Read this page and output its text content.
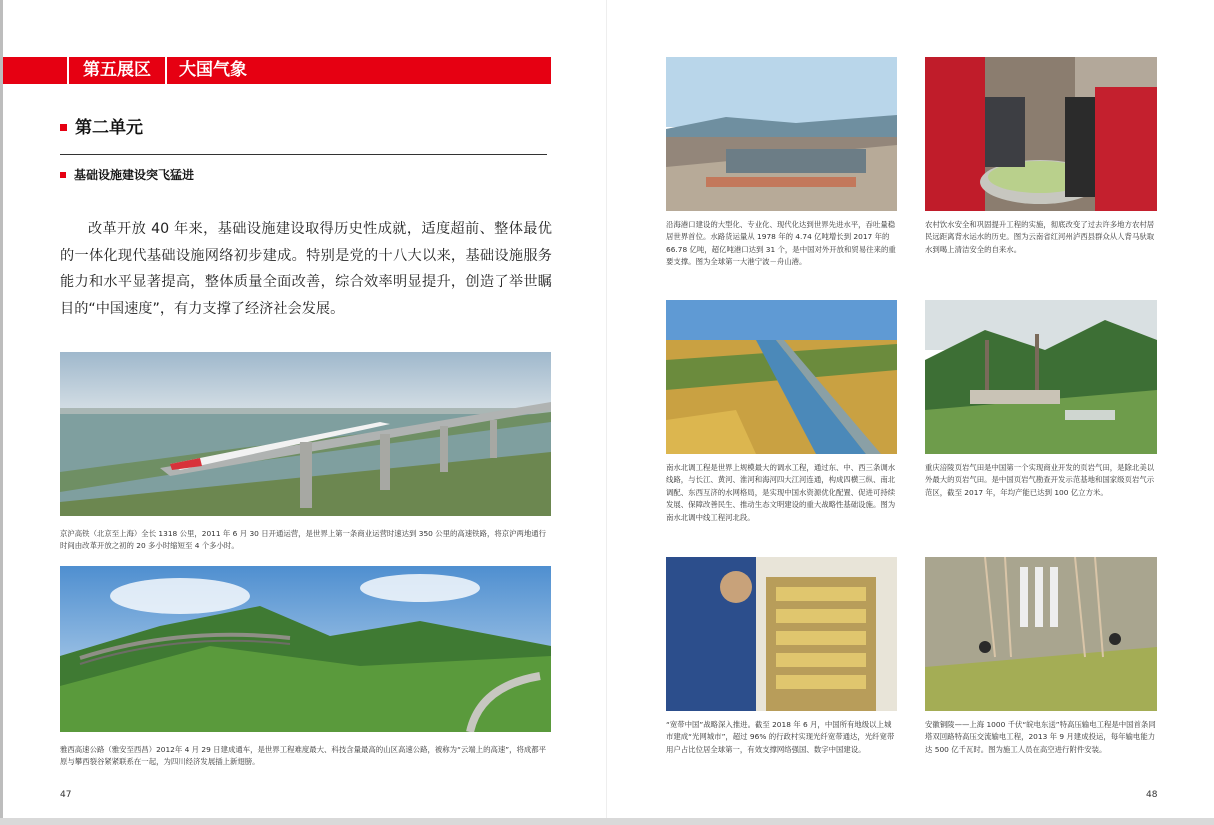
第五展区	大国气象
第二单元
基础设施建设突飞猛进
改革开放 40 年来，基础设施建设取得历史性成就，适度超前、整体最优的一体化现代基础设施网络初步建成。特别是党的十八大以来，基础设施服务能力和水平显著提高，整体质量全面改善，综合效率明显提升，创造了举世瞩目的“中国速度”，有力支撑了经济社会发展。
京沪高铁（北京至上海）全长 1318 公里，2011 年 6 月 30 日开通运营，是世界上第一条商业运营时速达到 350 公里的高速铁路，将京沪两地通行时间由改革开放之初的 20 多小时缩短至 4 个多小时。
雅西高速公路（雅安至西昌）2012年 4 月 29 日建成通车，是世界工程难度最大、科技含量最高的山区高速公路，被称为“云端上的高速”，将成都平原与攀西裂谷紧紧联系在一起，为四川经济发展插上新翅膀。
47
沿海港口建设的大型化、专业化、现代化达到世界先进水平，吞吐量稳居世界首位。水路货运量从 1978 年的 4.74 亿吨增长到 2017 年的 66.78 亿吨，超亿吨港口达到 31 个，是中国对外开放和贸易往来的重要支撑。图为全球第一大港宁波－舟山港。
农村饮水安全和巩固提升工程的实施，彻底改变了过去许多地方农村居民远距离背水运水的历史。图为云南省红河州泸西县群众从人背马驮取水到喝上清洁安全的自来水。
南水北调工程是世界上规模最大的调水工程，通过东、中、西三条调水线路，与长江、黄河、淮河和海河四大江河连通，构成四横三纵、南北调配、东西互济的水网格局，是实现中国水资源优化配置、促进可持续发展、保障改善民生、推动生态文明建设的重大战略性基础设施。图为南水北调中线工程河北段。
重庆涪陵页岩气田是中国第一个实现商业开发的页岩气田，是除北美以外最大的页岩气田。是中国页岩气勘查开发示范基地和国家级页岩气示范区，截至 2017 年，年均产能已达到 100 亿立方米。
“宽带中国”战略深入推进。截至 2018 年 6 月，中国所有地级以上城市建成“光网城市”，超过 96% 的行政村实现光纤宽带通达，光纤宽带用户占比位居全球第一，有效支撑网络强国、数字中国建设。
安徽铜陵——上海 1000 千伏“皖电东送”特高压输电工程是中国首条同塔双回路特高压交流输电工程，2013 年 9 月建成投运，每年输电能力达 500 亿千瓦时。图为施工人员在高空进行附件安装。
48
